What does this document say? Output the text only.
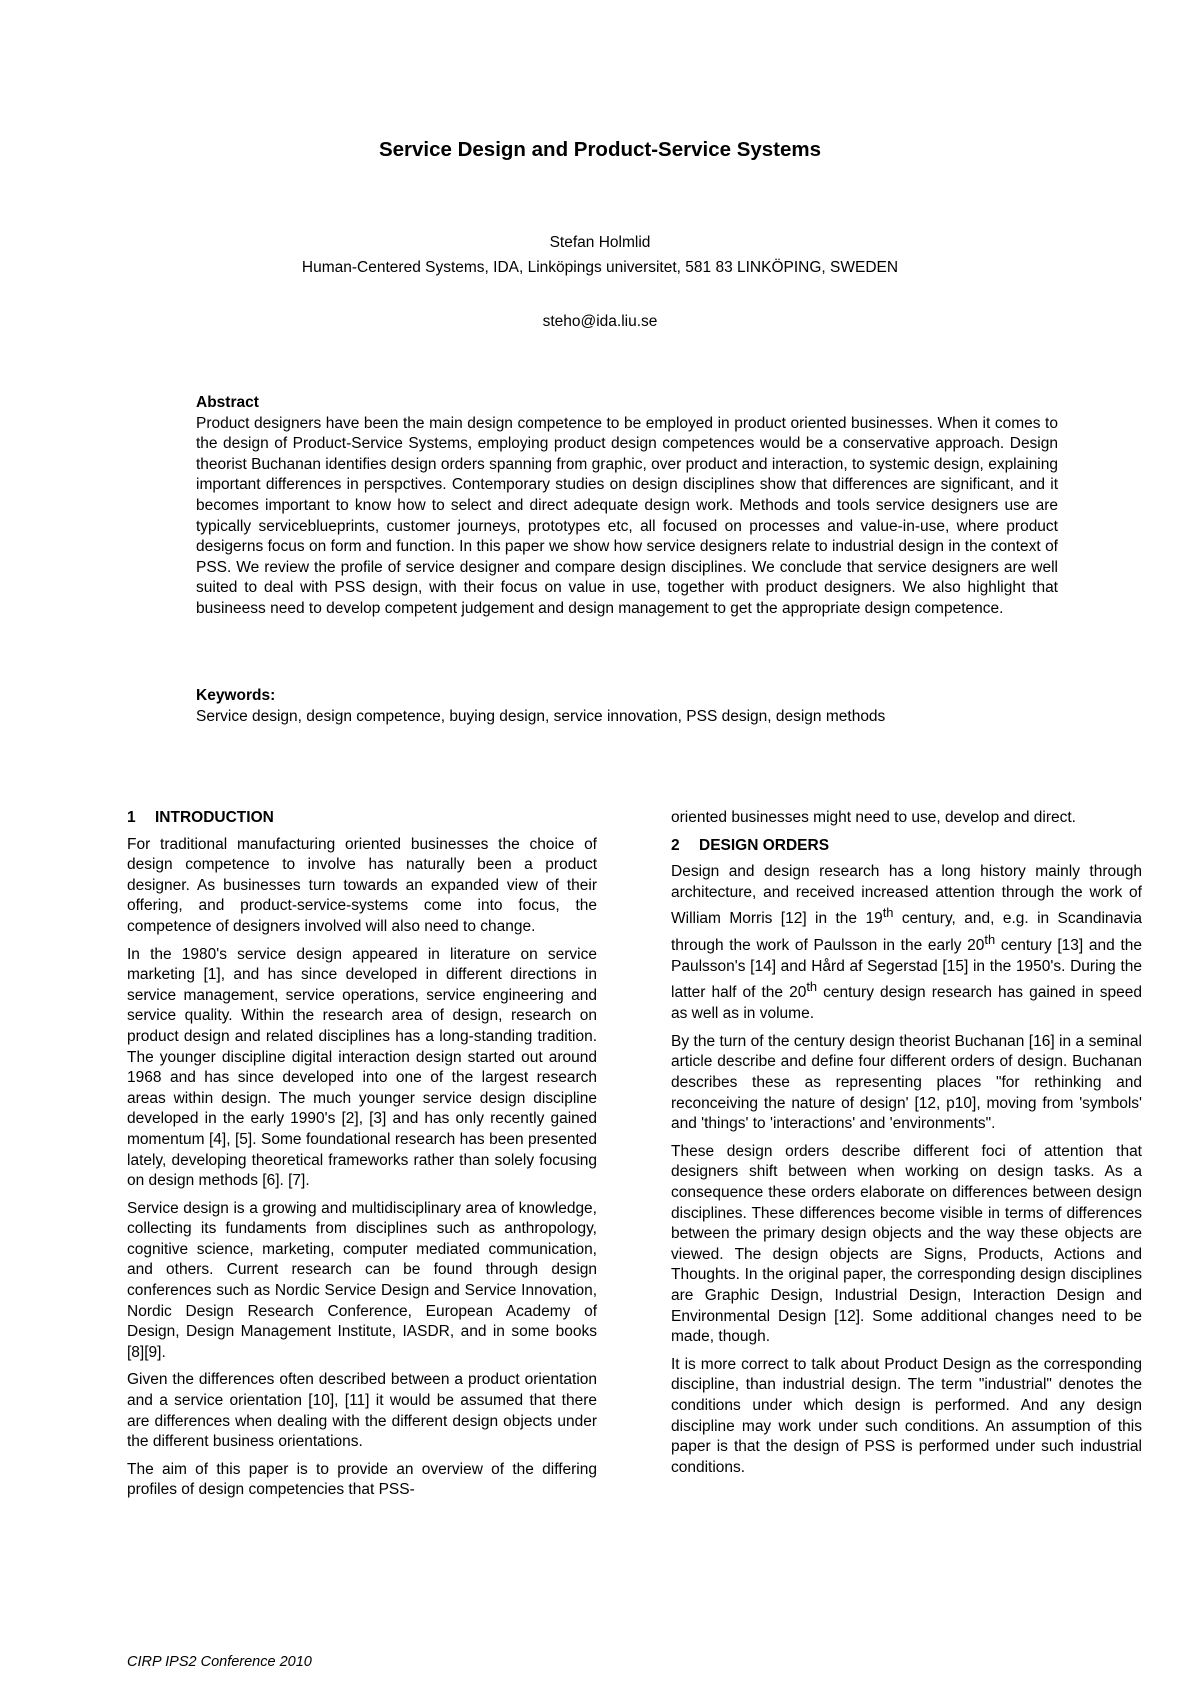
Service Design and Product-Service Systems
Stefan Holmlid
Human-Centered Systems, IDA, Linköpings universitet, 581 83 LINKÖPING, SWEDEN
steho@ida.liu.se
Abstract
Product designers have been the main design competence to be employed in product oriented businesses. When it comes to the design of Product-Service Systems, employing product design competences would be a conservative approach. Design theorist Buchanan identifies design orders spanning from graphic, over product and interaction, to systemic design, explaining important differences in perspctives. Contemporary studies on design disciplines show that differences are significant, and it becomes important to know how to select and direct adequate design work. Methods and tools service designers use are typically serviceblueprints, customer journeys, prototypes etc, all focused on processes and value-in-use, where product desigerns focus on form and function. In this paper we show how service designers relate to industrial design in the context of PSS. We review the profile of service designer and compare design disciplines. We conclude that service designers are well suited to deal with PSS design, with their focus on value in use, together with product designers. We also highlight that busineess need to develop competent judgement and design management to get the appropriate design competence.
Keywords:
Service design, design competence, buying design, service innovation, PSS design, design methods
1 INTRODUCTION

For traditional manufacturing oriented businesses the choice of design competence to involve has naturally been a product designer. As businesses turn towards an expanded view of their offering, and product-service-systems come into focus, the competence of designers involved will also need to change.

In the 1980's service design appeared in literature on service marketing [1], and has since developed in different directions in service management, service operations, service engineering and service quality. Within the research area of design, research on product design and related disciplines has a long-standing tradition. The younger discipline digital interaction design started out around 1968 and has since developed into one of the largest research areas within design. The much younger service design discipline developed in the early 1990's [2], [3] and has only recently gained momentum [4], [5]. Some foundational research has been presented lately, developing theoretical frameworks rather than solely focusing on design methods [6]. [7].

Service design is a growing and multidisciplinary area of knowledge, collecting its fundaments from disciplines such as anthropology, cognitive science, marketing, computer mediated communication, and others. Current research can be found through design conferences such as Nordic Service Design and Service Innovation, Nordic Design Research Conference, European Academy of Design, Design Management Institute, IASDR, and in some books [8][9].

Given the differences often described between a product orientation and a service orientation [10], [11] it would be assumed that there are differences when dealing with the different design objects under the different business orientations.

The aim of this paper is to provide an overview of the differing profiles of design competencies that PSS-

oriented businesses might need to use, develop and direct.

2 DESIGN ORDERS

Design and design research has a long history mainly through architecture, and received increased attention through the work of William Morris [12] in the 19th century, and, e.g. in Scandinavia through the work of Paulsson in the early 20th century [13] and the Paulsson's [14] and Hård af Segerstad [15] in the 1950's. During the latter half of the 20th century design research has gained in speed as well as in volume.

By the turn of the century design theorist Buchanan [16] in a seminal article describe and define four different orders of design. Buchanan describes these as representing places "for rethinking and reconceiving the nature of design' [12, p10], moving from 'symbols' and 'things' to 'interactions' and 'environments".

These design orders describe different foci of attention that designers shift between when working on design tasks. As a consequence these orders elaborate on differences between design disciplines. These differences become visible in terms of differences between the primary design objects and the way these objects are viewed. The design objects are Signs, Products, Actions and Thoughts. In the original paper, the corresponding design disciplines are Graphic Design, Industrial Design, Interaction Design and Environmental Design [12]. Some additional changes need to be made, though.

It is more correct to talk about Product Design as the corresponding discipline, than industrial design. The term "industrial" denotes the conditions under which design is performed. And any design discipline may work under such conditions. An assumption of this paper is that the design of PSS is performed under such industrial conditions.

CIRP IPS2 Conference 2010
